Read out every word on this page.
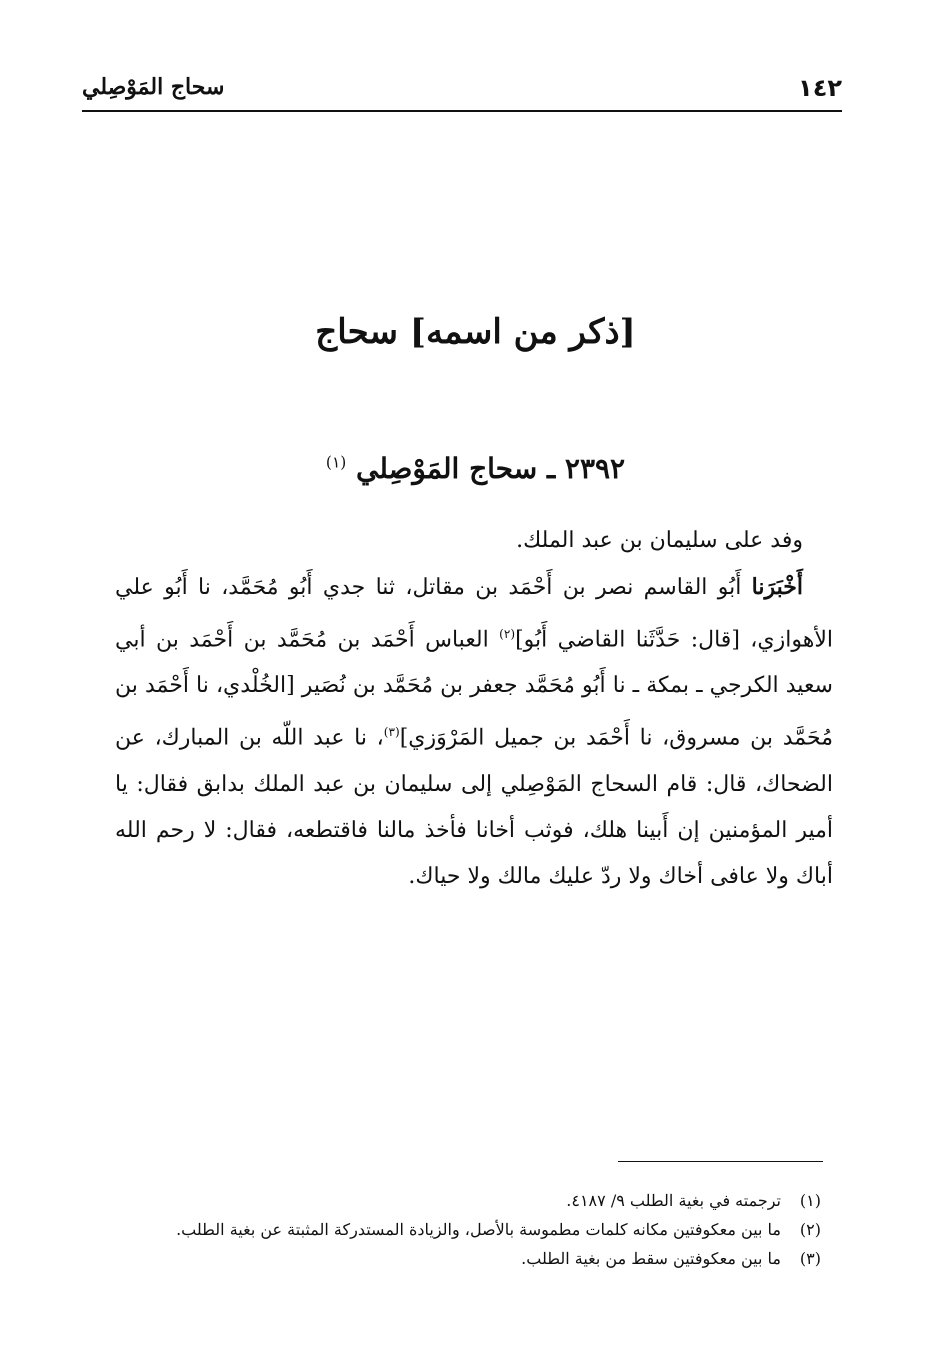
١٤٢
سحاج المَوْصِلي
[ذكر من اسمه] سحاج
٢٣٩٢ ـ سحاج المَوْصِلي $^{(١)}$

وفد على سليمان بن عبد الملك.

أَخْبَرَنا أَبُو القاسم نصر بن أَحْمَد بن مقاتل، ثنا جدي أَبُو مُحَمَّد، نا أَبُو علي الأهوازي، [قال: حَدَّثَنا القاضي أَبُو]$^{(٢)}$ العباس أَحْمَد بن مُحَمَّد بن أَحْمَد بن أبي سعيد الكرجي ـ بمكة ـ نا أَبُو مُحَمَّد جعفر بن مُحَمَّد بن نُصَير [الخُلْدي، نا أَحْمَد بن مُحَمَّد بن مسروق، نا أَحْمَد بن جميل المَرْوَزي]$^{(٣)}$، نا عبد اللّه بن المبارك، عن الضحاك، قال: قام السحاج المَوْصِلي إلى سليمان بن عبد الملك بدابق فقال: يا أمير المؤمنين إن أَبينا هلك، فوثب أخانا فأخذ مالنا فاقتطعه، فقال: لا رحم الله أباك ولا عافى أخاك ولا ردّ عليك مالك ولا حياك.

(١)ترجمته في بغية الطلب ٩/ ٤١٨٧.
(٢)ما بين معكوفتين مكانه كلمات مطموسة بالأصل، والزيادة المستدركة المثبتة عن بغية الطلب.
(٣)ما بين معكوفتين سقط من بغية الطلب.
